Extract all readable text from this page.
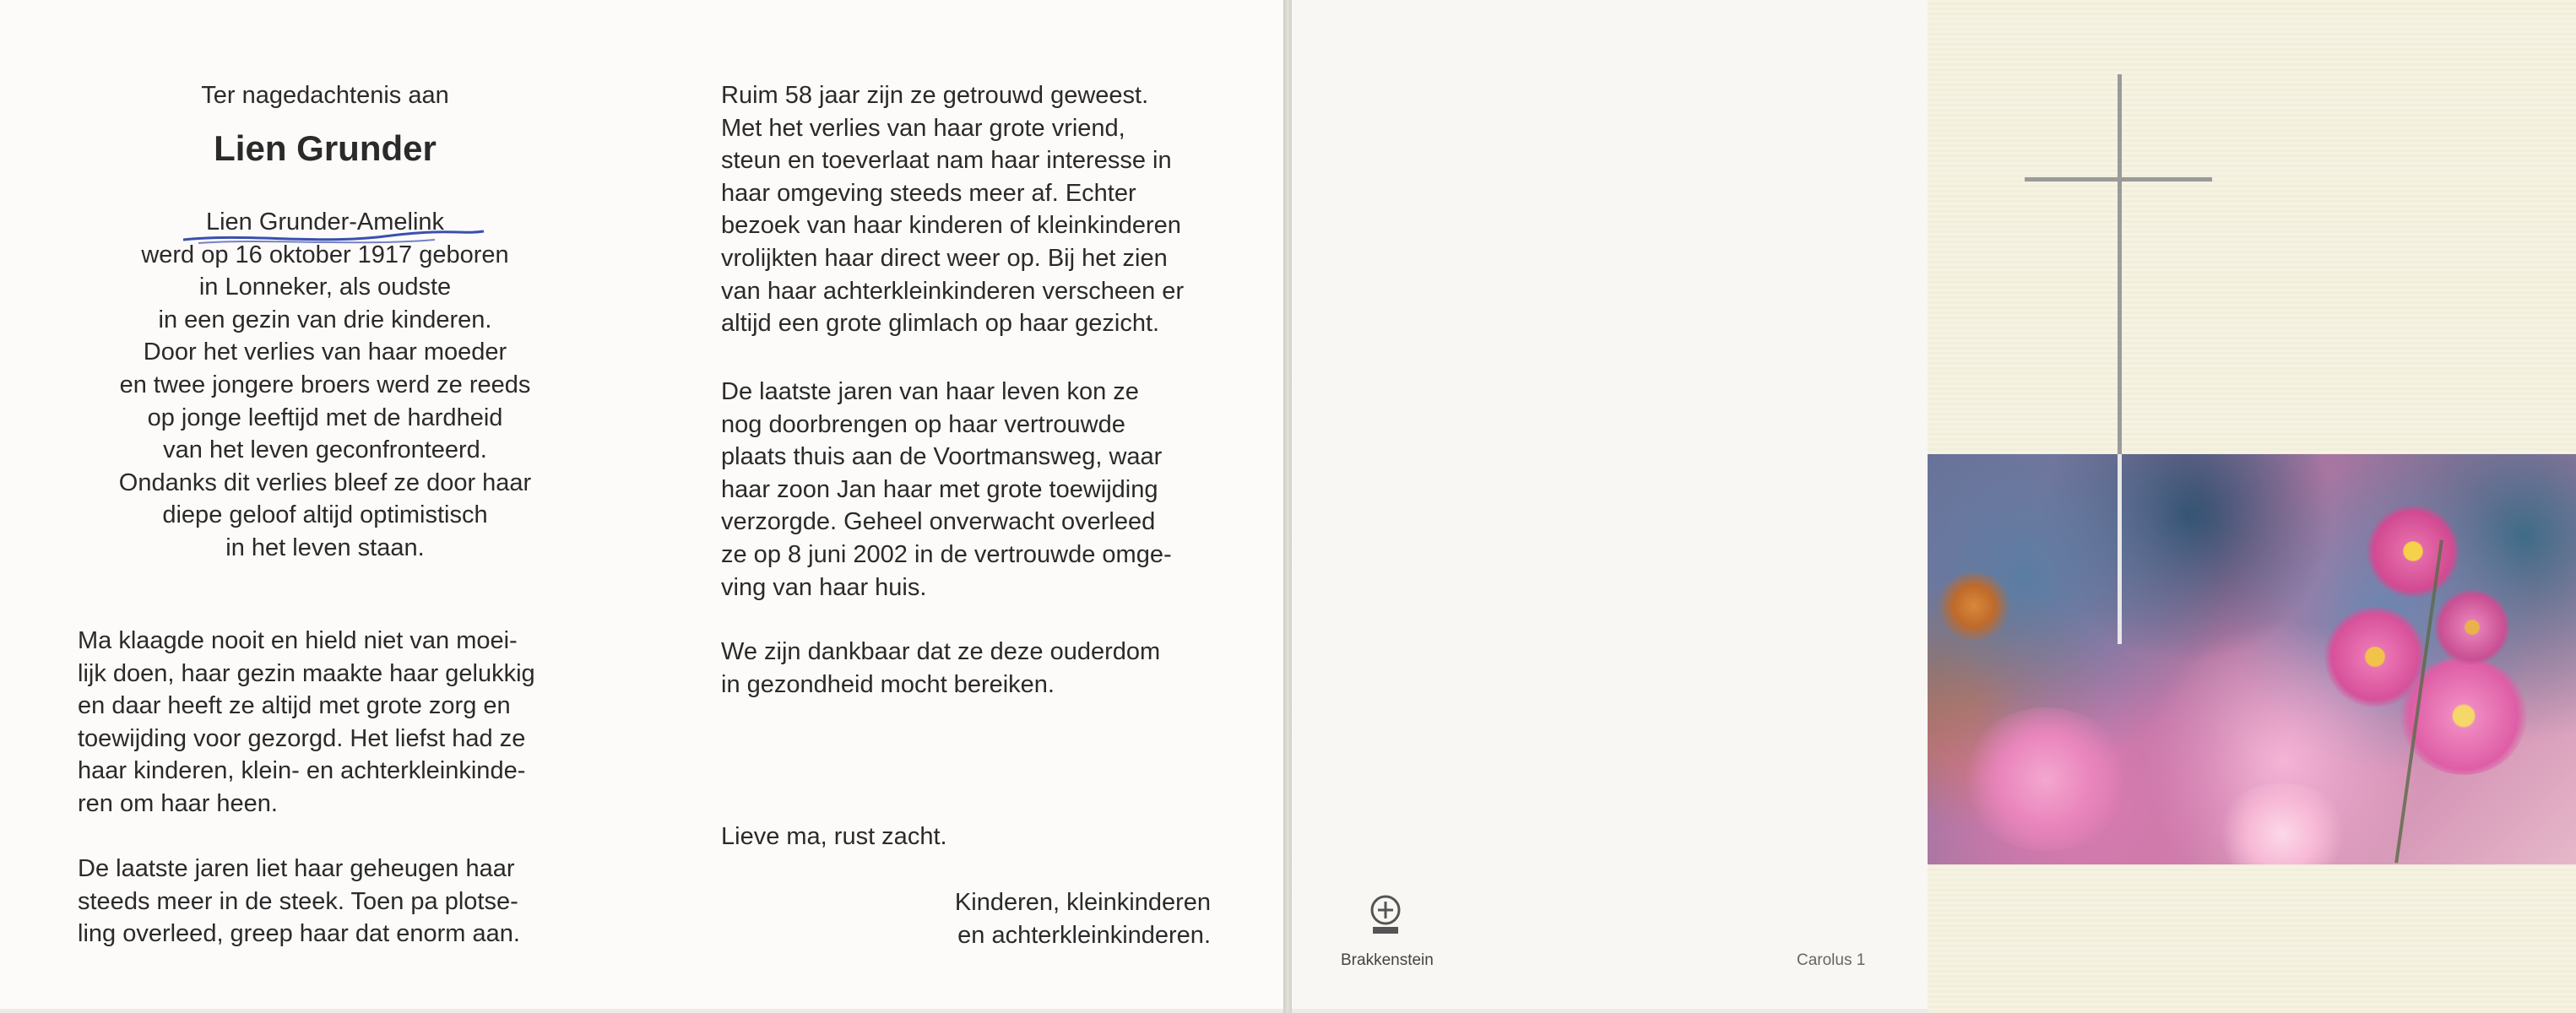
Ter nagedachtenis aan
Lien Grunder
Lien Grunder-Amelink
werd op 16 oktober 1917 geboren
in Lonneker, als oudste
in een gezin van drie kinderen.
Door het verlies van haar moeder
en twee jongere broers werd ze reeds
op jonge leeftijd met de hardheid
van het leven geconfronteerd.
Ondanks dit verlies bleef ze door haar
diepe geloof altijd optimistisch
in het leven staan.
Ma klaagde nooit en hield niet van moei-
lijk doen, haar gezin maakte haar gelukkig
en daar heeft ze altijd met grote zorg en
toewijding voor gezorgd. Het liefst had ze
haar kinderen, klein- en achterkleinkinde-
ren om haar heen.
De laatste jaren liet haar geheugen haar
steeds meer in de steek. Toen pa plotse-
ling overleed, greep haar dat enorm aan.
Ruim 58 jaar zijn ze getrouwd geweest.
Met het verlies van haar grote vriend,
steun en toeverlaat nam haar interesse in
haar omgeving steeds meer af. Echter
bezoek van haar kinderen of kleinkinderen
vrolijkten haar direct weer op. Bij het zien
van haar achterkleinkinderen verscheen er
altijd een grote glimlach op haar gezicht.
De laatste jaren van haar leven kon ze
nog doorbrengen op haar vertrouwde
plaats thuis aan de Voortmansweg, waar
haar zoon Jan haar met grote toewijding
verzorgde. Geheel onverwacht overleed
ze op 8 juni 2002 in de vertrouwde omge-
ving van haar huis.
We zijn dankbaar dat ze deze ouderdom
in gezondheid mocht bereiken.
Lieve ma, rust zacht.
Kinderen, kleinkinderen
en achterkleinkinderen.
Brakkenstein	Carolus 1
